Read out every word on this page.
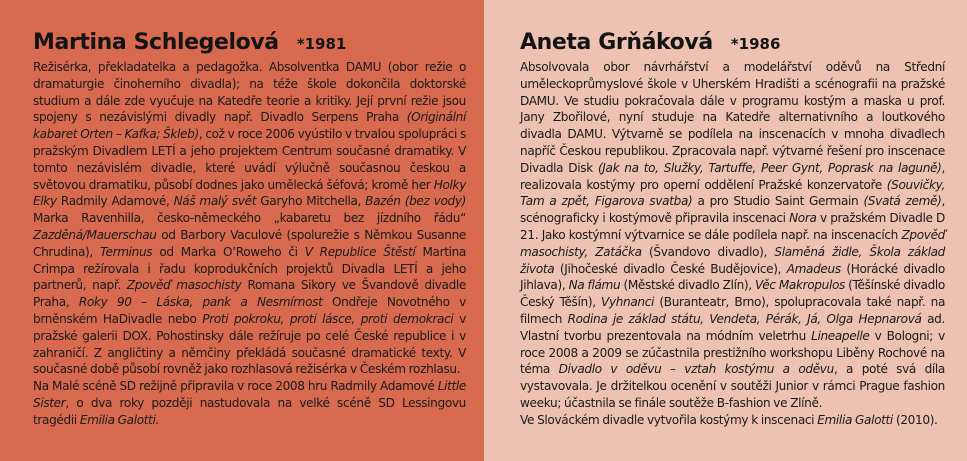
Martina Schlegelová *1981

Režisérka, překladatelka a pedagožka. Absolventka DAMU (obor režie o dramaturgie činoherního divadla); na téže škole dokončila doktorské studium a dále zde vyučuje na Katedře teorie a kritiky. Její první režie jsou spojeny s nezávislými divadly např. Divadlo Serpens Praha (Originální kabaret Orten – Kafka; Škleb), což v roce 2006 vyústilo v trvalou spolupráci s pražským Divadlem LETÍ a jeho projektem Centrum současné dramatiky. V tomto nezávislém divadle, které uvádí výlučně současnou českou a světovou dramatiku, působí dodnes jako umělecká šéfová; kromě her Holky Elky Radmily Adamové, Náš malý svět Garyho Mitchella, Bazén (bez vody) Marka Ravenhilla, česko-německého „kabaretu bez jízdního řádu“ Zazděná/Mauerschau od Barbory Vaculové (spolurežie s Němkou Susanne Chrudina), Terminus od Marka O’Roweho či V Republice Štěstí Martina Crimpa režírovala i řadu koprodukčních projektů Divadla LETÍ a jeho partnerů, např. Zpověď masochisty Romana Sikory ve Švandově divadle Praha, Roky 90 – Láska, pank a Nesmírnost Ondřeje Novotného v brněnském HaDivadle nebo Proti pokroku, proti lásce, proti demokraci v pražské galerii DOX. Pohostinsky dále režíruje po celé České republice i v zahraničí. Z angličtiny a němčiny překládá současné dramatické texty. V současné době působí rovněž jako rozhlasová režisérka v Českém rozhlasu.

Na Malé scéně SD režijně připravila v roce 2008 hru Radmily Adamové Little Sister, o dva roky později nastudovala na velké scéně SD Lessingovu tragédii Emilia Galotti.

Aneta Grňáková *1986

Absolvovala obor návrhářství a modelářství oděvů na Střední uměleckoprůmyslové škole v Uherském Hradišti a scénografii na pražské DAMU. Ve studiu pokračovala dále v programu kostým a maska u prof. Jany Zbořilové, nyní studuje na Katedře alternativního a loutkového divadla DAMU. Výtvarně se podílela na inscenacích v mnoha divadlech napříč Českou republikou. Zpracovala např. výtvarné řešení pro inscenace Divadla Disk (Jak na to, Služky, Tartuffe, Peer Gynt, Poprask na laguně), realizovala kostýmy pro operní oddělení Pražské konzervatoře (Souvičky, Tam a zpět, Figarova svatba) a pro Studio Saint Germain (Svatá země), scénograficky i kostýmově připravila inscenaci Nora v pražském Divadle D 21. Jako kostýmní výtvarnice se dále podílela např. na inscenacích Zpověď masochisty, Zatáčka (Švandovo divadlo), Slaměná židle, Škola základ života (Jihočeské divadlo České Budějovice), Amadeus (Horácké divadlo Jihlava), Na flámu (Městské divadlo Zlín), Věc Makropulos (Těšínské divadlo Český Těšín), Vyhnanci (Buranteatr, Brno), spolupracovala také např. na filmech Rodina je základ státu, Vendeta, Pérák, Já, Olga Hepnarová ad. Vlastní tvorbu prezentovala na módním veletrhu Lineapelle v Bologni; v roce 2008 a 2009 se zúčastnila prestižního workshopu Liběny Rochové na téma Divadlo v oděvu – vztah kostýmu a oděvu, a poté svá díla vystavovala. Je držitelkou ocenění v soutěži Junior v rámci Prague fashion weeku; účastnila se finále soutěže B-fashion ve Zlíně.

Ve Slováckém divadle vytvořila kostýmy k inscenaci Emilia Galotti (2010).
